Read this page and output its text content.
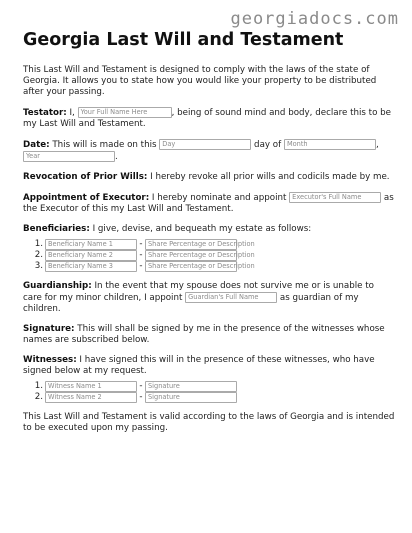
georgiadocs.com
Georgia Last Will and Testament

This Last Will and Testament is designed to comply with the laws of the state of Georgia. It allows you to state how you would like your property to be distributed after your passing.

Testator: I, Your Full Name Here	, being of sound mind and body, declare this to be my Last Will and Testament.

Date: This will is made on this Day	day of Month	,
Year	.

Revocation of Prior Wills: I hereby revoke all prior wills and codicils made by me.

Appointment of Executor: I hereby nominate and appoint Executor's Full Name as the Executor of this my Last Will and Testament.

Beneficiaries: I give, devise, and bequeath my estate as follows:

1. Beneficiary Name 1	- Share Percentage or Description
2. Beneficiary Name 2	- Share Percentage or Description
3. Beneficiary Name 3	- Share Percentage or Description

Guardianship: In the event that my spouse does not survive me or is unable to care for my minor children, I appoint Guardian's Full Name as guardian of my children.

Signature: This will shall be signed by me in the presence of the witnesses whose names are subscribed below.

Witnesses: I have signed this will in the presence of these witnesses, who have signed below at my request.

1. Witness Name 1	- Signature
2. Witness Name 2	- Signature

This Last Will and Testament is valid according to the laws of Georgia and is intended to be executed upon my passing.
